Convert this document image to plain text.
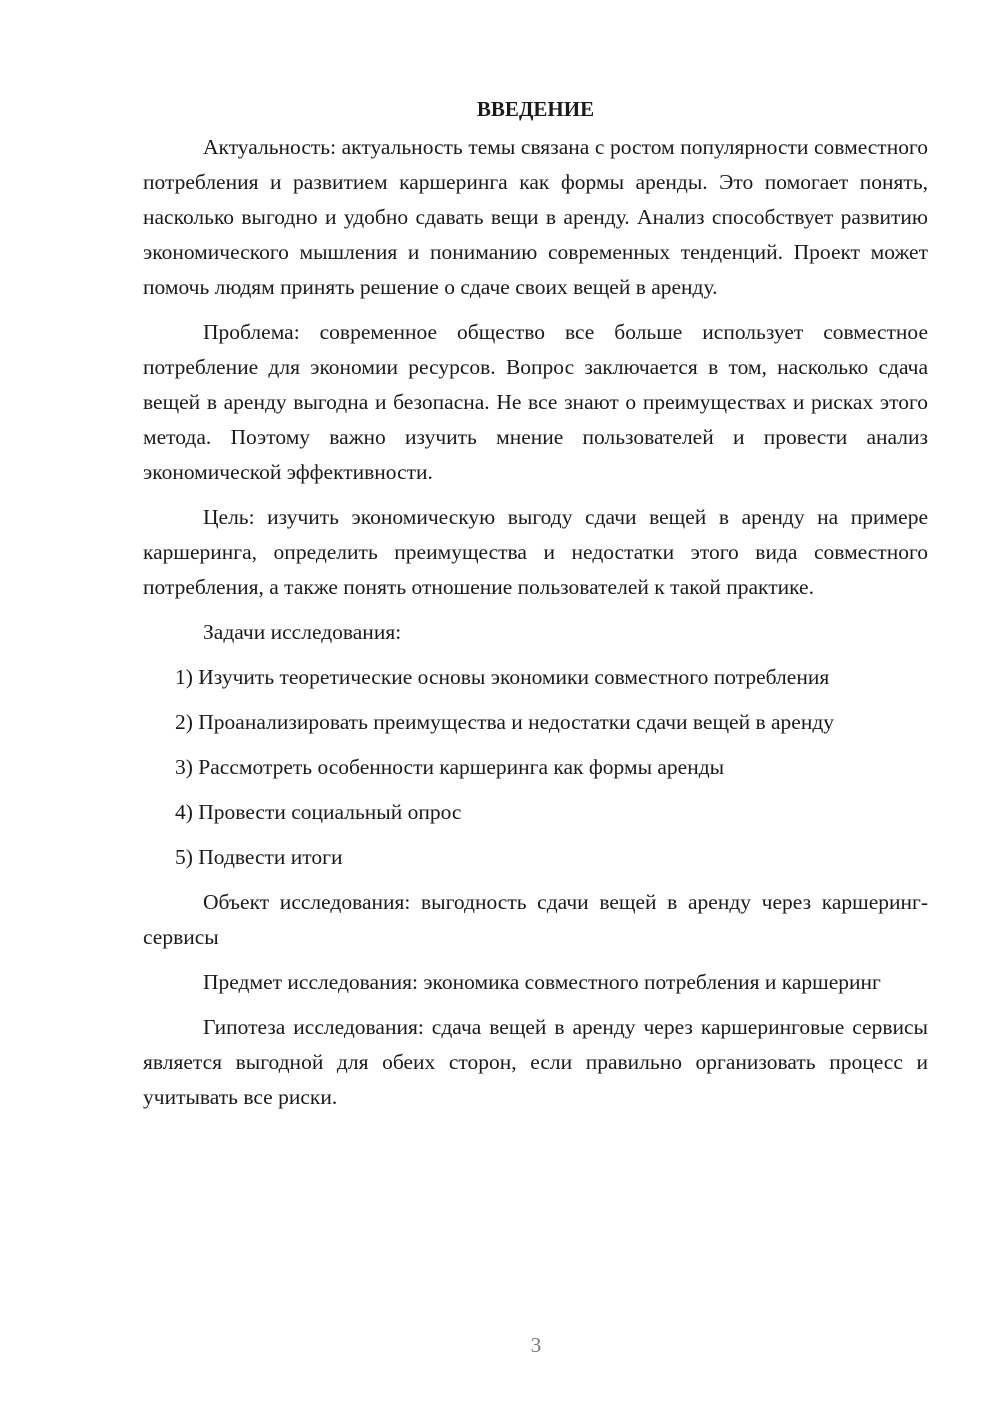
ВВЕДЕНИЕ

Актуальность: актуальность темы связана с ростом популярности совместного потребления и развитием каршеринга как формы аренды. Это помогает понять, насколько выгодно и удобно сдавать вещи в аренду. Анализ способствует развитию экономического мышления и пониманию современных тенденций. Проект может помочь людям принять решение о сдаче своих вещей в аренду.

Проблема: современное общество все больше использует совместное потребление для экономии ресурсов. Вопрос заключается в том, насколько сдача вещей в аренду выгодна и безопасна. Не все знают о преимуществах и рисках этого метода. Поэтому важно изучить мнение пользователей и провести анализ экономической эффективности.

Цель: изучить экономическую выгоду сдачи вещей в аренду на примере каршеринга, определить преимущества и недостатки этого вида совместного потребления, а также понять отношение пользователей к такой практике.

Задачи исследования:

1) Изучить теоретические основы экономики совместного потребления

2) Проанализировать преимущества и недостатки сдачи вещей в аренду

3) Рассмотреть особенности каршеринга как формы аренды

4) Провести социальный опрос

5) Подвести итоги

Объект исследования: выгодность сдачи вещей в аренду через каршеринг-сервисы

Предмет исследования: экономика совместного потребления и каршеринг

Гипотеза исследования: сдача вещей в аренду через каршеринговые сервисы является выгодной для обеих сторон, если правильно организовать процесс и учитывать все риски.

3
